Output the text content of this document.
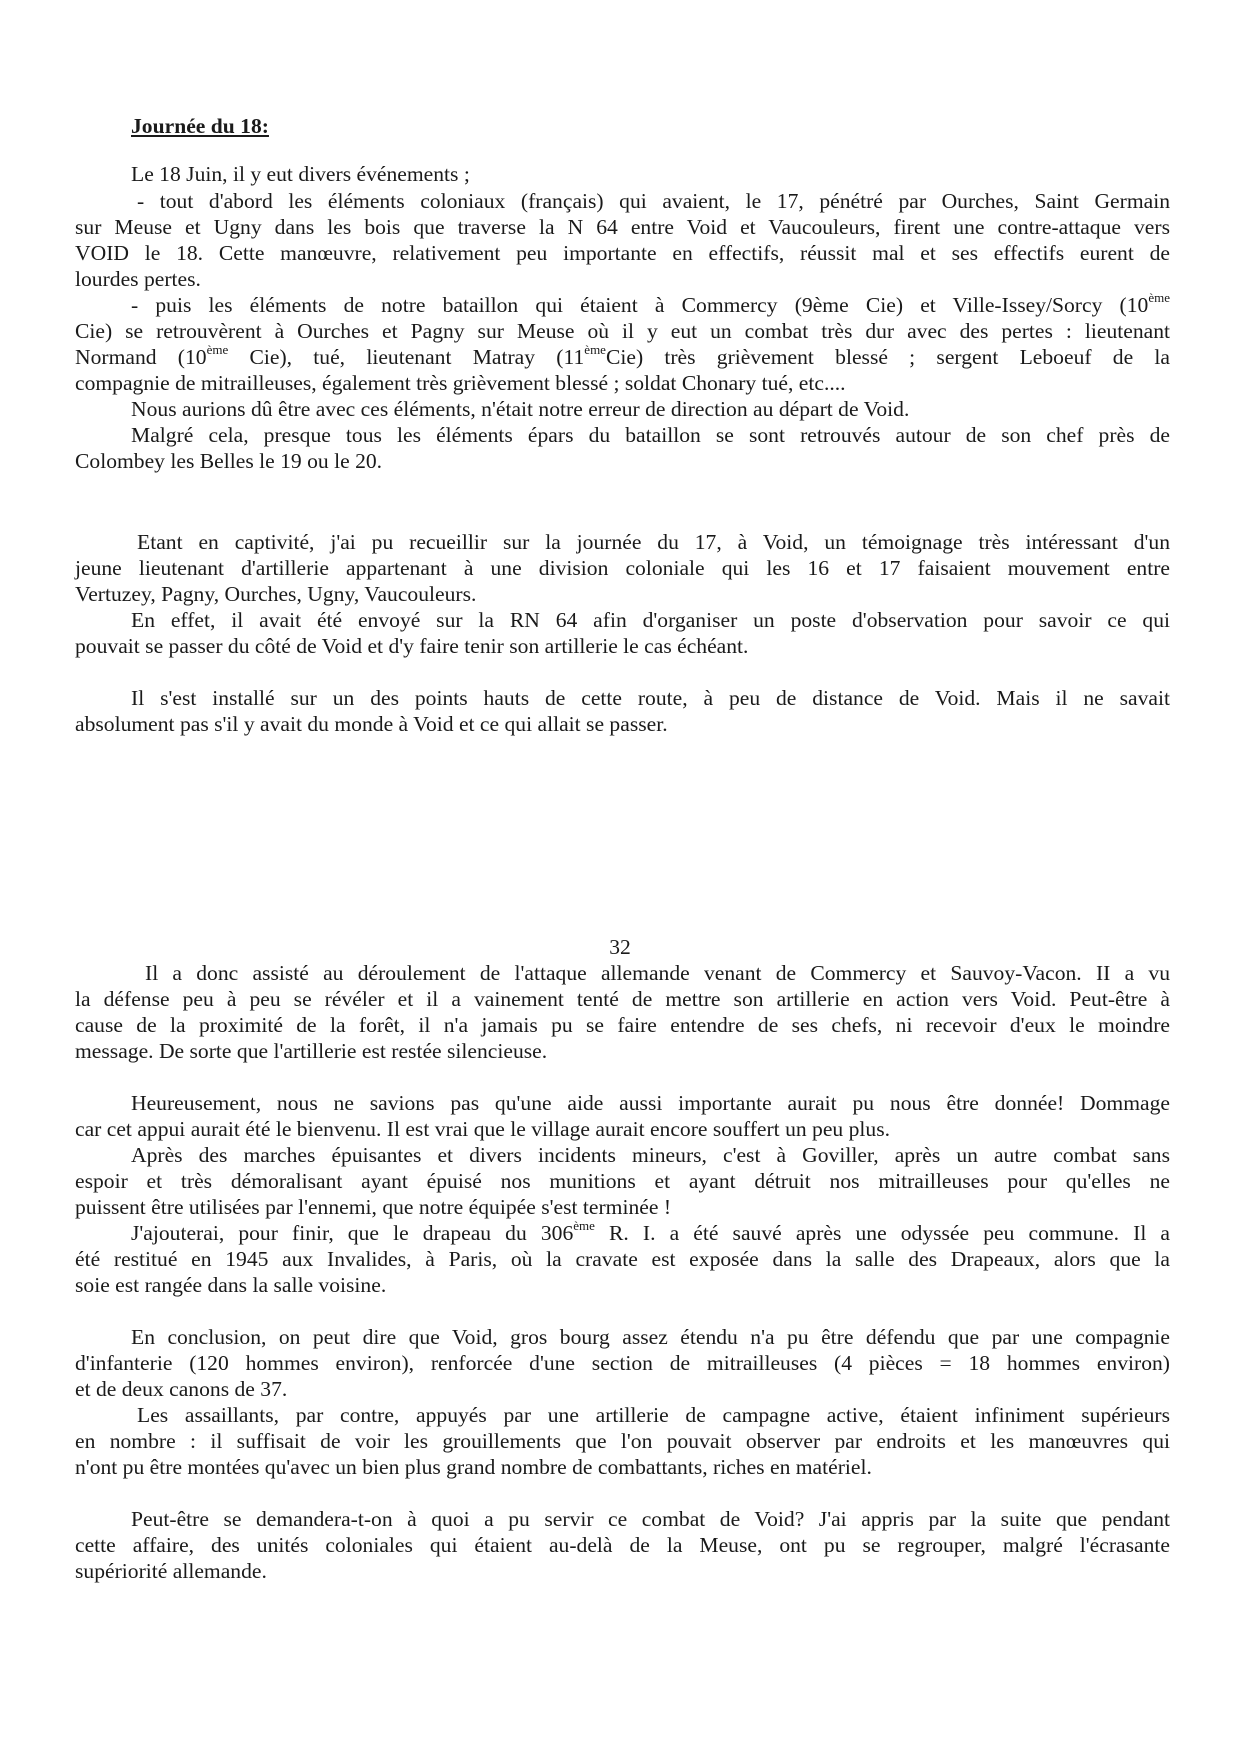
Journée du 18:
Le 18 Juin, il y eut divers événements ;
- tout d'abord les éléments coloniaux (français) qui avaient, le 17, pénétré par Ourches, Saint Germain
sur Meuse et Ugny dans les bois que traverse la N 64 entre Void et Vaucouleurs, firent une contre-attaque vers
VOID le 18. Cette manœuvre, relativement peu importante en effectifs, réussit mal et ses effectifs eurent de
lourdes pertes.
- puis les éléments de notre bataillon qui étaient à Commercy (9ème Cie) et Ville-Issey/Sorcy (10ème
Cie) se retrouvèrent à Ourches et Pagny sur Meuse où il y eut un combat très dur avec des pertes : lieutenant
Normand (10ème Cie), tué, lieutenant Matray (11èmeCie) très grièvement blessé ; sergent Leboeuf de la
compagnie de mitrailleuses, également très grièvement blessé ; soldat Chonary tué, etc....
Nous aurions dû être avec ces éléments, n'était notre erreur de direction au départ de Void.
Malgré cela, presque tous les éléments épars du bataillon se sont retrouvés autour de son chef près de
Colombey les Belles le 19 ou le 20.
Etant en captivité, j'ai pu recueillir sur la journée du 17, à Void, un témoignage très intéressant d'un
jeune lieutenant d'artillerie appartenant à une division coloniale qui les 16 et 17 faisaient mouvement entre
Vertuzey, Pagny, Ourches, Ugny, Vaucouleurs.
En effet, il avait été envoyé sur la RN 64 afin d'organiser un poste d'observation pour savoir ce qui
pouvait se passer du côté de Void et d'y faire tenir son artillerie le cas échéant.
Il s'est installé sur un des points hauts de cette route, à peu de distance de Void. Mais il ne savait
absolument pas s'il y avait du monde à Void et ce qui allait se passer.
32
Il a donc assisté au déroulement de l'attaque allemande venant de Commercy et Sauvoy-Vacon. II a vu
la défense peu à peu se révéler et il a vainement tenté de mettre son artillerie en action vers Void. Peut-être à
cause de la proximité de la forêt, il n'a jamais pu se faire entendre de ses chefs, ni recevoir d'eux le moindre
message. De sorte que l'artillerie est restée silencieuse.
Heureusement, nous ne savions pas qu'une aide aussi importante aurait pu nous être donnée! Dommage
car cet appui aurait été le bienvenu. Il est vrai que le village aurait encore souffert un peu plus.
Après des marches épuisantes et divers incidents mineurs, c'est à Goviller, après un autre combat sans
espoir et très démoralisant ayant épuisé nos munitions et ayant détruit nos mitrailleuses pour qu'elles ne
puissent être utilisées par l'ennemi, que notre équipée s'est terminée !
J'ajouterai, pour finir, que le drapeau du 306ème R. I. a été sauvé après une odyssée peu commune. Il a
été restitué en 1945 aux Invalides, à Paris, où la cravate est exposée dans la salle des Drapeaux, alors que la
soie est rangée dans la salle voisine.
En conclusion, on peut dire que Void, gros bourg assez étendu n'a pu être défendu que par une compagnie
d'infanterie (120 hommes environ), renforcée d'une section de mitrailleuses (4 pièces = 18 hommes environ)
et de deux canons de 37.
Les assaillants, par contre, appuyés par une artillerie de campagne active, étaient infiniment supérieurs
en nombre : il suffisait de voir les grouillements que l'on pouvait observer par endroits et les manœuvres qui
n'ont pu être montées qu'avec un bien plus grand nombre de combattants, riches en matériel.
Peut-être se demandera-t-on à quoi a pu servir ce combat de Void? J'ai appris par la suite que pendant
cette affaire, des unités coloniales qui étaient au-delà de la Meuse, ont pu se regrouper, malgré l'écrasante
supériorité allemande.
